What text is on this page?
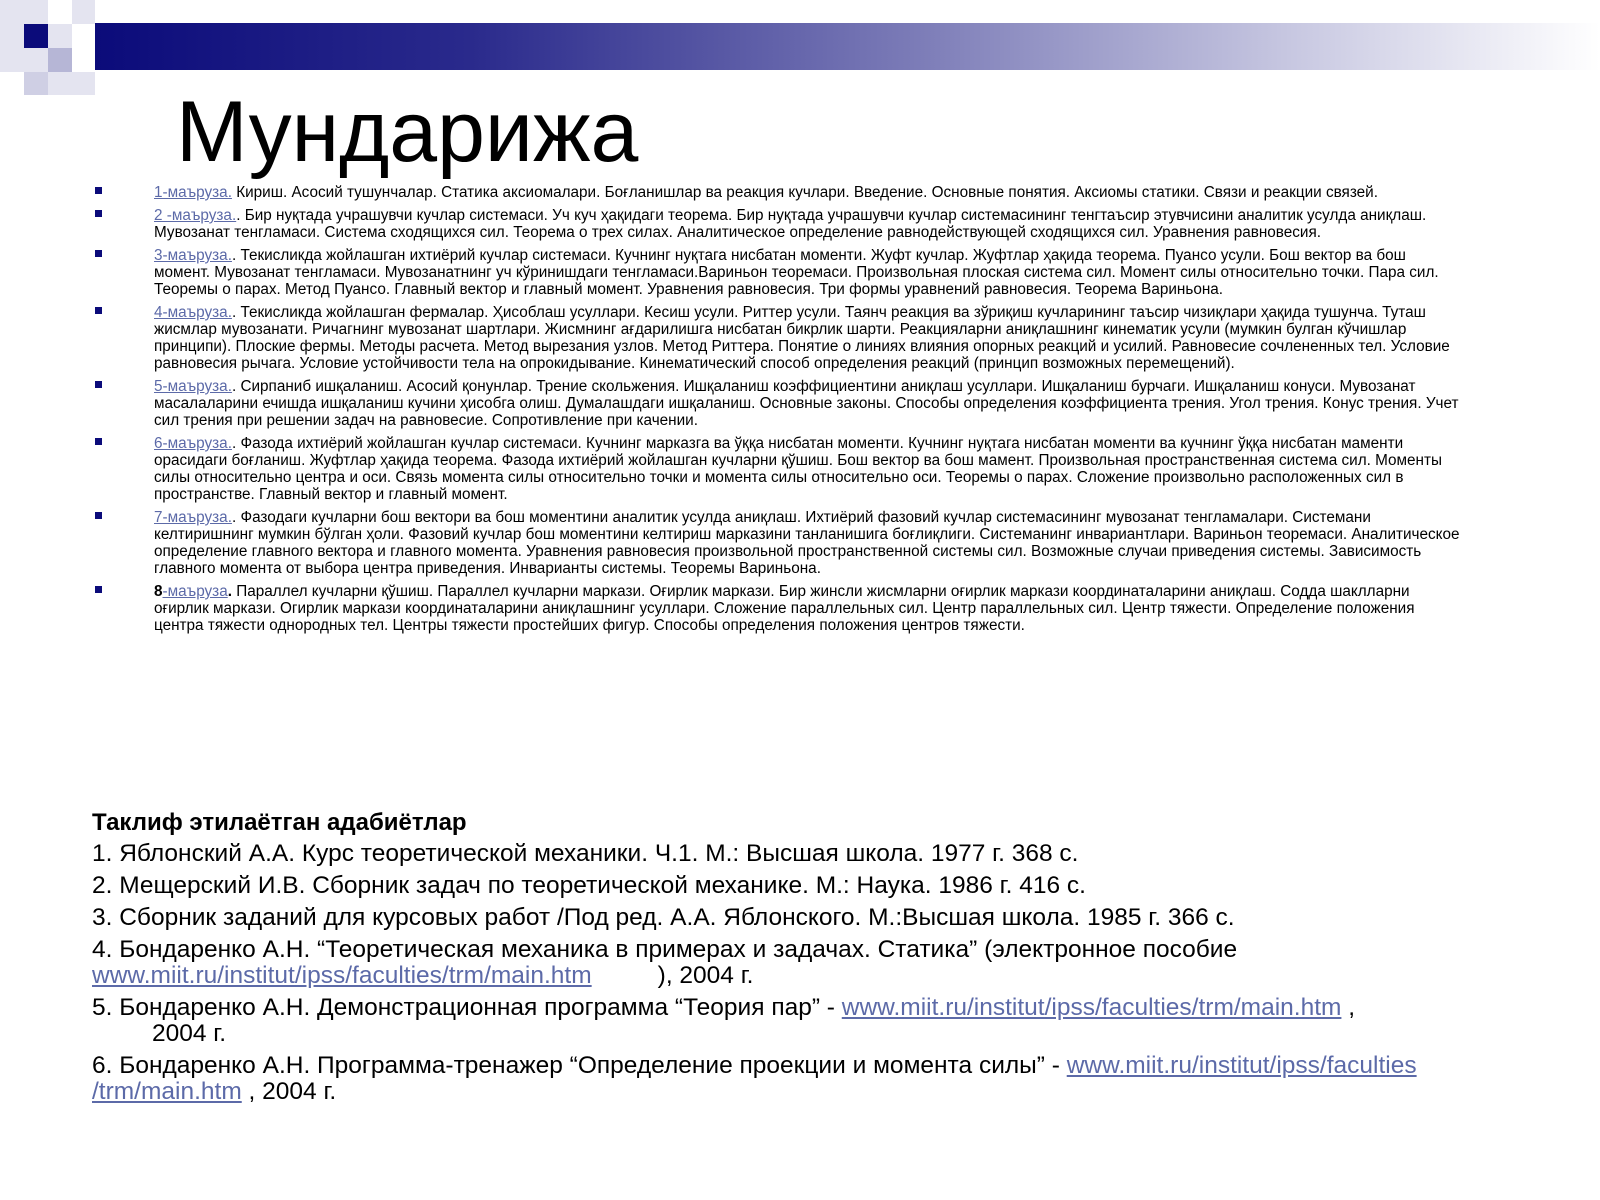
Мундарижа
1-маъруза. Кириш. Асосий тушунчалар. Статика аксиомалари. Боғланишлар ва реакция кучлари. Введение. Основные понятия. Аксиомы статики. Связи и реакции связей.
2 -маъруза.. Бир нуқтада учрашувчи кучлар системаси. Уч куч ҳақидаги теорема. Бир нуқтада учрашувчи кучлар системасининг тенгтаъсир этувчисини аналитик усулда аниқлаш. Мувозанат тенгламаси. Система сходящихся сил. Теорема о трех силах. Аналитическое определение равнодействующей сходящихся сил. Уравнения равновесия.
3-маъруза.. Текисликда жойлашган ихтиёрий кучлар системаси. Кучнинг нуқтага нисбатан моменти. Жуфт кучлар. Жуфтлар ҳақида теорема. Пуансо усули. Бош вектор ва бош момент. Мувозанат тенгламаси. Мувозанатнинг уч кўринишдаги тенгламаси.Вариньон теоремаси. Произвольная плоская система сил. Момент силы относительно точки. Пара сил. Теоремы о парах. Метод Пуансо. Главный вектор и главный момент. Уравнения равновесия. Три формы уравнений равновесия. Теорема Вариньона.
4-маъруза.. Текисликда жойлашган фермалар. Ҳисоблаш усуллари. Кесиш усули. Риттер усули. Таянч реакция ва зўриқиш кучларининг таъсир чизиқлари ҳақида тушунча. Туташ жисмлар мувозанати. Ричагнинг мувозанат шартлари. Жисмнинг ағдарилишга нисбатан бикрлик шарти. Реакцияларни аниқлашнинг кинематик усули (мумкин булган кўчишлар принципи). Плоские фермы. Методы расчета. Метод вырезания узлов. Метод Риттера. Понятие о линиях влияния опорных реакций и усилий. Равновесие сочлененных тел. Условие равновесия рычага. Условие устойчивости тела на опрокидывание. Кинематический способ определения реакций (принцип возможных перемещений).
5-маъруза.. Сирпаниб ишқаланиш. Асосий қонунлар. Трение скольжения. Ишқаланиш коэффициентини аниқлаш усуллари. Ишқаланиш бурчаги. Ишқаланиш конуси. Мувозанат масалаларини ечишда ишқаланиш кучини ҳисобга олиш. Думалашдаги ишқаланиш. Основные законы. Способы определения коэффициента трения. Угол трения. Конус трения. Учет сил трения при решении задач на равновесие. Сопротивление при качении.
6-маъруза.. Фазода ихтиёрий жойлашган кучлар системаси. Кучнинг марказга ва ўққа нисбатан моменти. Кучнинг нуқтага нисбатан моменти ва кучнинг ўққа нисбатан маменти орасидаги боғланиш. Жуфтлар ҳақида теорема. Фазода ихтиёрий жойлашган кучларни қўшиш. Бош вектор ва бош мамент. Произвольная пространственная система сил. Моменты силы относительно центра и оси. Связь момента силы относительно точки и момента силы относительно оси. Теоремы о парах. Сложение произвольно расположенных сил в пространстве. Главный вектор и главный момент.
7-маъруза.. Фазодаги кучларни бош вектори ва бош моментини аналитик усулда аниқлаш. Ихтиёрий фазовий кучлар системасининг мувозанат тенгламалари. Системани келтиришнинг мумкин бўлган ҳоли. Фазовий кучлар бош моментини келтириш марказини танланишига боғлиқлиги. Системанинг инвариантлари. Вариньон теоремаси. Аналитическое определение главного вектора и главного момента. Уравнения равновесия произвольной пространственной системы сил. Возможные случаи приведения системы. Зависимость главного момента от выбора центра приведения. Инварианты системы. Теоремы Вариньона.
8-маъруза. Параллел кучларни қўшиш. Параллел кучларни маркази. Оғирлик маркази. Бир жинсли жисмларни оғирлик маркази координаталарини аниқлаш. Содда шаклларни оғирлик маркази. Огирлик маркази координаталарини аниқлашнинг усуллари. Сложение параллельных сил. Центр параллельных сил. Центр тяжести. Определение положения центра тяжести однородных тел. Центры тяжести простейших фигур. Способы определения положения центров тяжести.
Таклиф этилаётган адабиётлар
1. Яблонский А.А. Курс теоретической механики. Ч.1. М.: Высшая школа. 1977 г. 368 с.
2. Мещерский И.В. Сборник задач по теоретической механике. М.: Наука. 1986 г. 416 с.
3. Сборник заданий для курсовых работ /Под ред. А.А. Яблонского. М.:Высшая школа. 1985 г. 366 с.
4. Бондаренко А.Н. “Теоретическая механика в примерах и задачах. Статика” (электронное пособие www.miit.ru/institut/ipss/faculties/trm/main.htm	), 2004 г.
5. Бондаренко А.Н. Демонстрационная программа “Теория пар” - www.miit.ru/institut/ipss/faculties/trm/main.htm ,
2004 г.
6. Бондаренко А.Н. Программа-тренажер “Определение проекции и момента силы” - www.miit.ru/institut/ipss/faculties/trm/main.htm , 2004 г.
